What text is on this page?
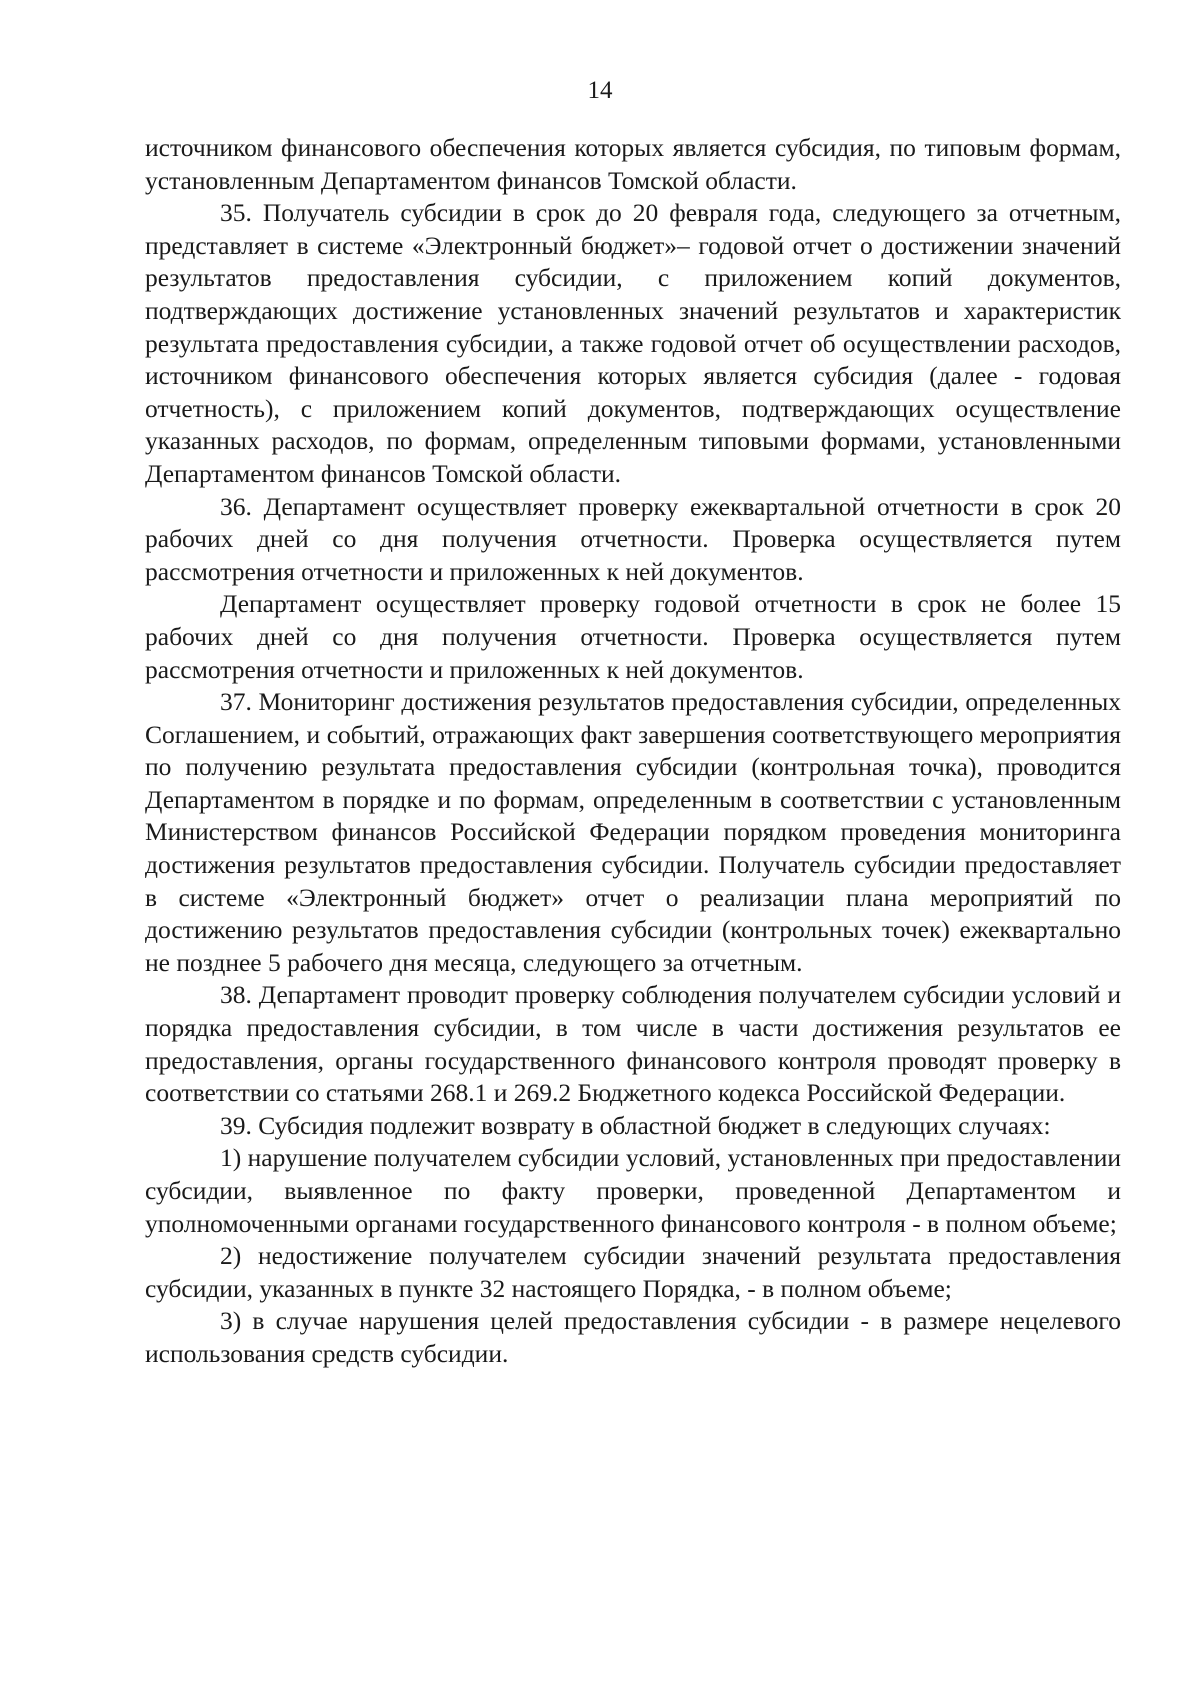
14

источником финансового обеспечения которых является субсидия, по типовым формам, установленным Департаментом финансов Томской области.

35. Получатель субсидии в срок до 20 февраля года, следующего за отчетным, представляет в системе «Электронный бюджет»– годовой отчет о достижении значений результатов предоставления субсидии, с приложением копий документов, подтверждающих достижение установленных значений результатов и характеристик результата предоставления субсидии, а также годовой отчет об осуществлении расходов, источником финансового обеспечения которых является субсидия (далее - годовая отчетность), с приложением копий документов, подтверждающих осуществление указанных расходов, по формам, определенным типовыми формами, установленными Департаментом финансов Томской области.

36. Департамент осуществляет проверку ежеквартальной отчетности в срок 20 рабочих дней со дня получения отчетности. Проверка осуществляется путем рассмотрения отчетности и приложенных к ней документов.

Департамент осуществляет проверку годовой отчетности в срок не более 15 рабочих дней со дня получения отчетности. Проверка осуществляется путем рассмотрения отчетности и приложенных к ней документов.

37. Мониторинг достижения результатов предоставления субсидии, определенных Соглашением, и событий, отражающих факт завершения соответствующего мероприятия по получению результата предоставления субсидии (контрольная точка), проводится Департаментом в порядке и по формам, определенным в соответствии с установленным Министерством финансов Российской Федерации порядком проведения мониторинга достижения результатов предоставления субсидии. Получатель субсидии предоставляет в системе «Электронный бюджет» отчет о реализации плана мероприятий по достижению результатов предоставления субсидии (контрольных точек) ежеквартально не позднее 5 рабочего дня месяца, следующего за отчетным.

38. Департамент проводит проверку соблюдения получателем субсидии условий и порядка предоставления субсидии, в том числе в части достижения результатов ее предоставления, органы государственного финансового контроля проводят проверку в соответствии со статьями 268.1 и 269.2 Бюджетного кодекса Российской Федерации.

39. Субсидия подлежит возврату в областной бюджет в следующих случаях:

1) нарушение получателем субсидии условий, установленных при предоставлении субсидии, выявленное по факту проверки, проведенной Департаментом и уполномоченными органами государственного финансового контроля - в полном объеме;

2) недостижение получателем субсидии значений результата предоставления субсидии, указанных в пункте 32 настоящего Порядка, - в полном объеме;

3) в случае нарушения целей предоставления субсидии - в размере нецелевого использования средств субсидии.
